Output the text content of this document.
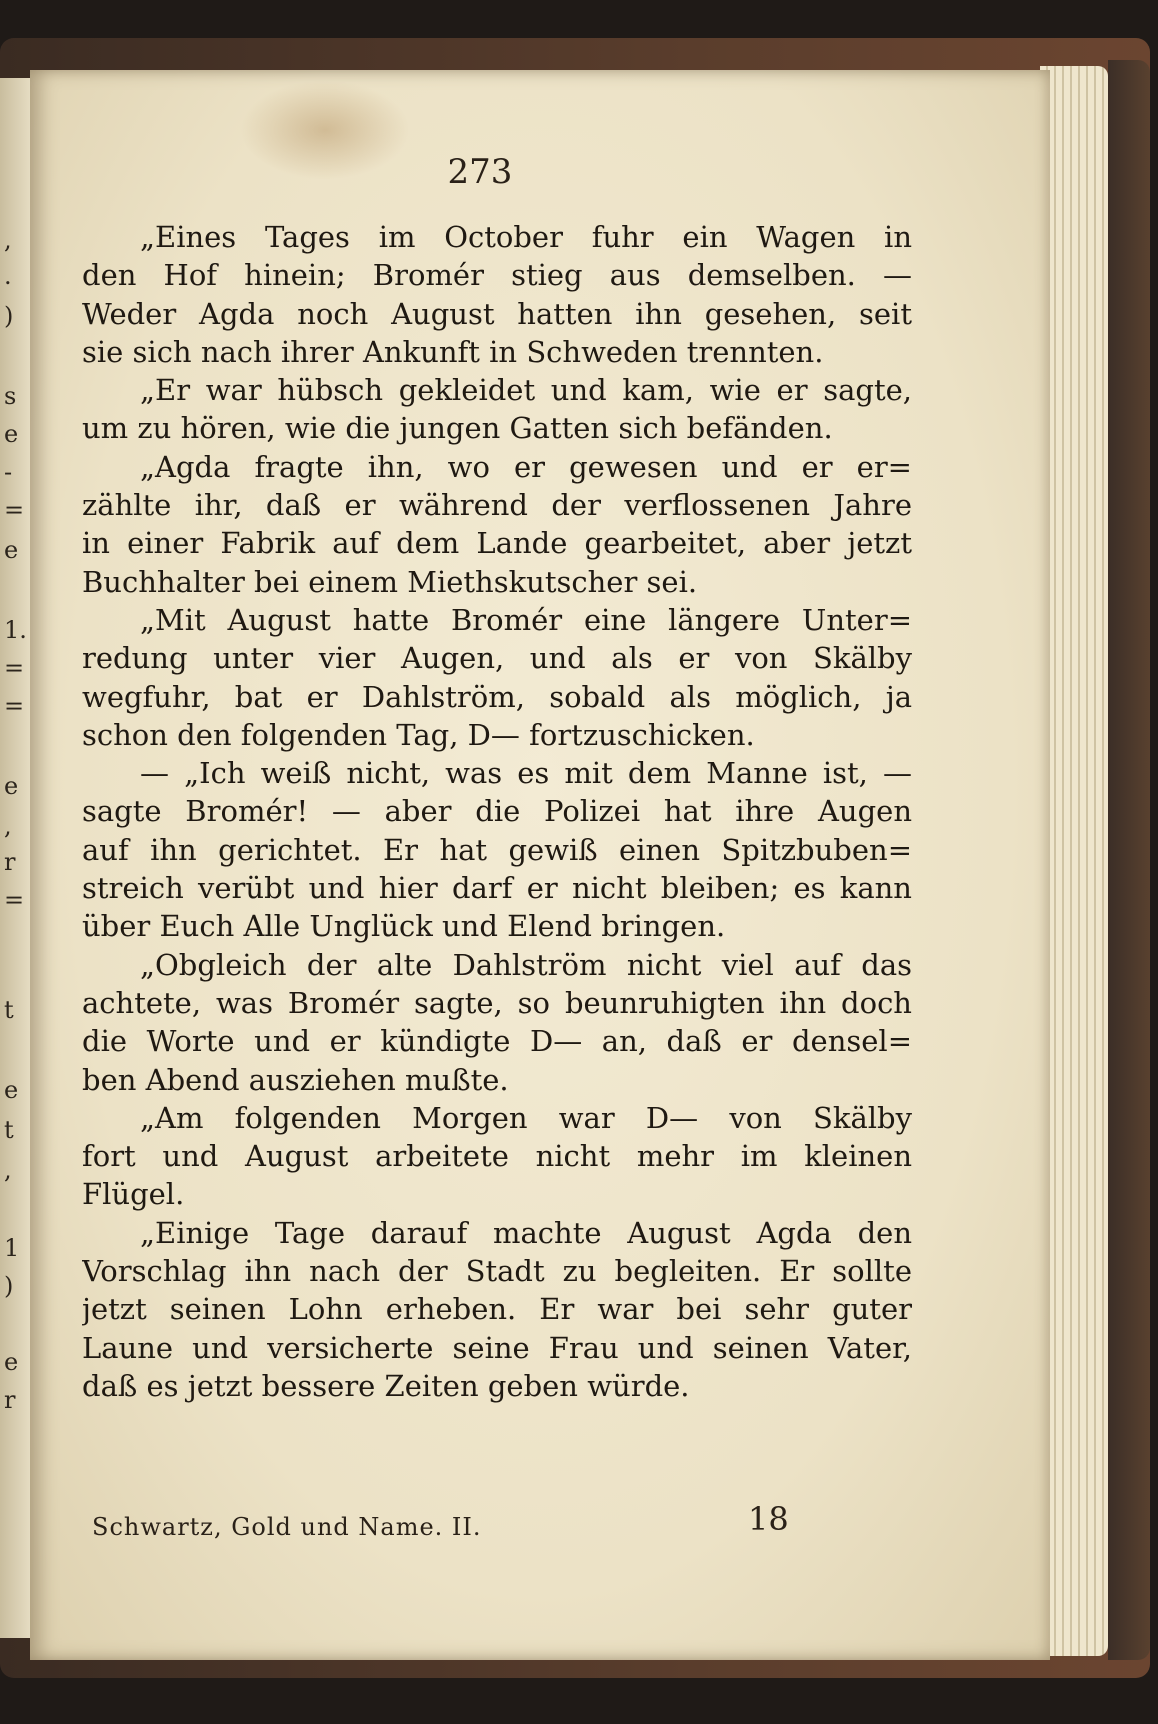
,
.
)
s
e
-
=
e
1.
=
=
e
,
r
=
t
e
t
,
1
)
e
r
273
„Eines Tages im October fuhr ein Wagen in
den Hof hinein; Bromér stieg aus demselben. —
Weder Agda noch August hatten ihn gesehen, seit
sie sich nach ihrer Ankunft in Schweden trennten.
„Er war hübsch gekleidet und kam, wie er sagte,
um zu hören, wie die jungen Gatten sich befänden.
„Agda fragte ihn, wo er gewesen und er er=
zählte ihr, daß er während der verflossenen Jahre
in einer Fabrik auf dem Lande gearbeitet, aber jetzt
Buchhalter bei einem Miethskutscher sei.
„Mit August hatte Bromér eine längere Unter=
redung unter vier Augen, und als er von Skälby
wegfuhr, bat er Dahlström, sobald als möglich, ja
schon den folgenden Tag, D— fortzuschicken.
— „Ich weiß nicht, was es mit dem Manne ist, —
sagte Bromér! — aber die Polizei hat ihre Augen
auf ihn gerichtet. Er hat gewiß einen Spitzbuben=
streich verübt und hier darf er nicht bleiben; es kann
über Euch Alle Unglück und Elend bringen.
„Obgleich der alte Dahlström nicht viel auf das
achtete, was Bromér sagte, so beunruhigten ihn doch
die Worte und er kündigte D— an, daß er densel=
ben Abend ausziehen mußte.
„Am folgenden Morgen war D— von Skälby
fort und August arbeitete nicht mehr im kleinen
Flügel.
„Einige Tage darauf machte August Agda den
Vorschlag ihn nach der Stadt zu begleiten. Er sollte
jetzt seinen Lohn erheben. Er war bei sehr guter
Laune und versicherte seine Frau und seinen Vater,
daß es jetzt bessere Zeiten geben würde.
Schwartz, Gold und Name. II.	18
